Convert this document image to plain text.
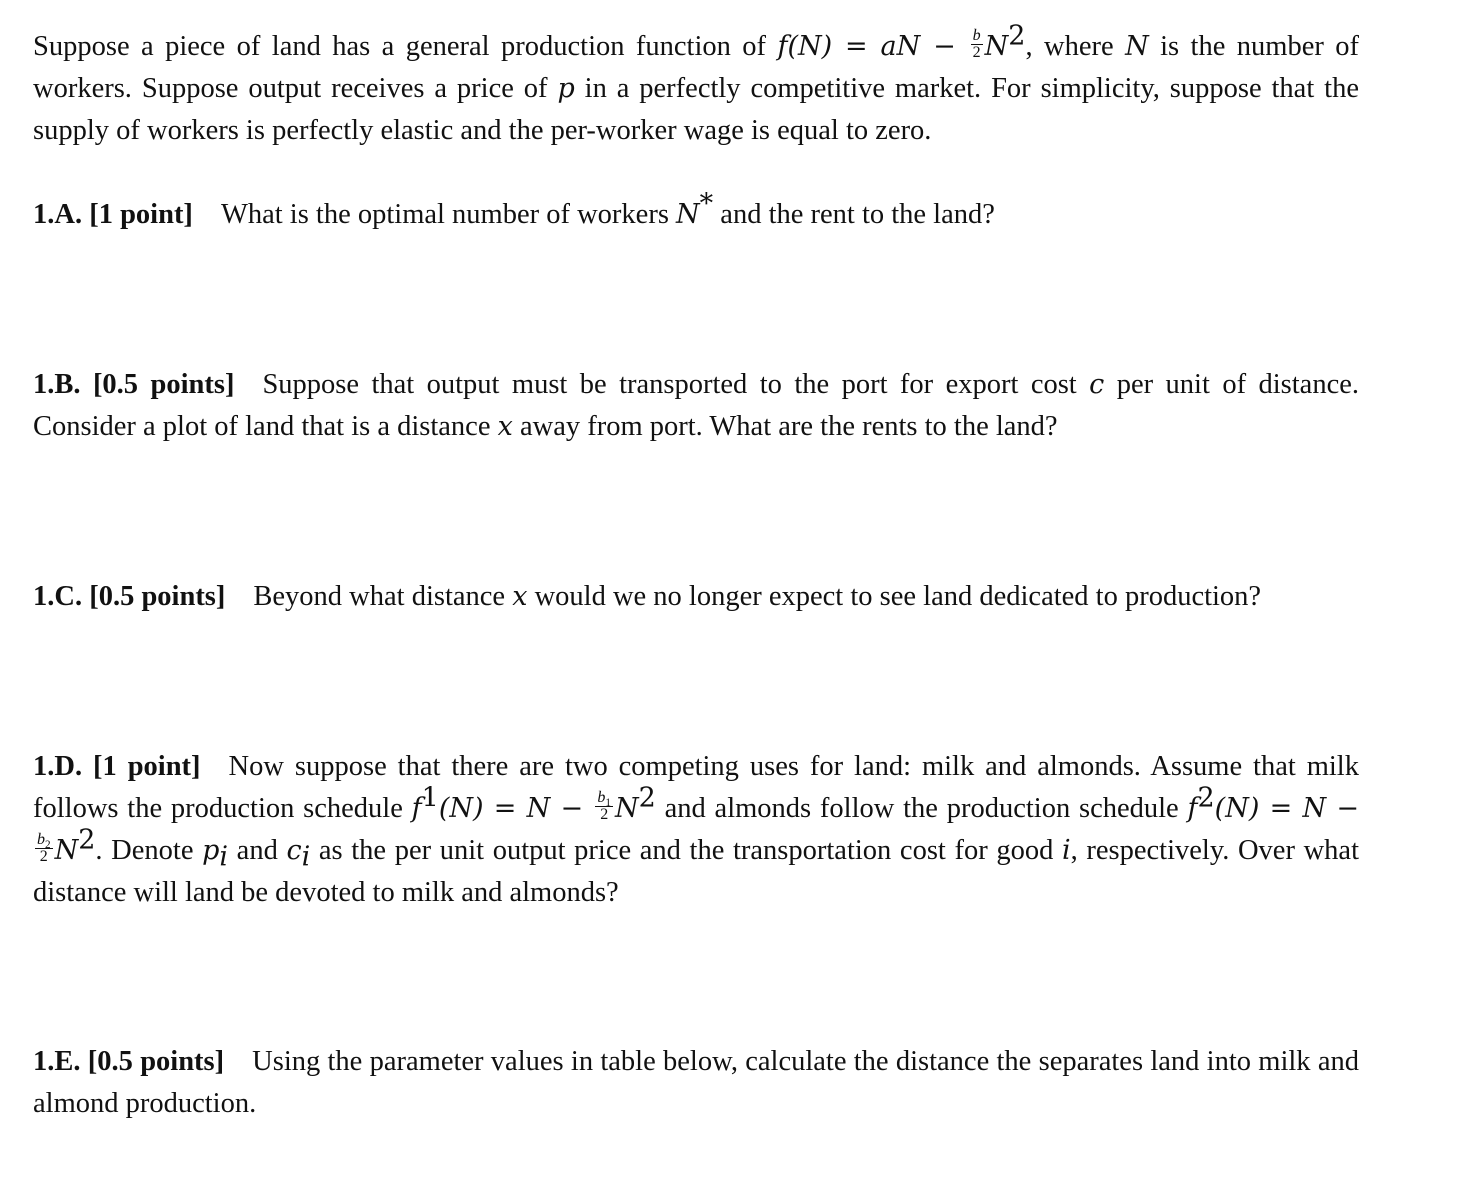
Suppose a piece of land has a general production function of f(N) = aN − $\frac{b}{2} N^2$, where N is the number of workers. Suppose output receives a price of p in a perfectly competitive market. For simplicity, suppose that the supply of workers is perfectly elastic and the per-worker wage is equal to zero.

1.A. [1 point] What is the optimal number of workers N* and the rent to the land?

1.B. [0.5 points] Suppose that output must be transported to the port for export cost c per unit of distance. Consider a plot of land that is a distance x away from port. What are the rents to the land?

1.C. [0.5 points] Beyond what distance x would we no longer expect to see land dedicated to production?

1.D. [1 point] Now suppose that there are two competing uses for land: milk and almonds. Assume that milk follows the production schedule $f^1(N) = N - \frac{b_1}{2} N^2$ and almonds follow the production schedule $f^2(N) = N$ −
$\frac{b_2}{2} N^2$. Denote $p_i$ and $c_i$ as the per unit output price and the transportation cost for good i, respectively. Over what distance will land be devoted to milk and almonds?

1.E. [0.5 points] Using the parameter values in table below, calculate the distance the separates land into milk and almond production.
